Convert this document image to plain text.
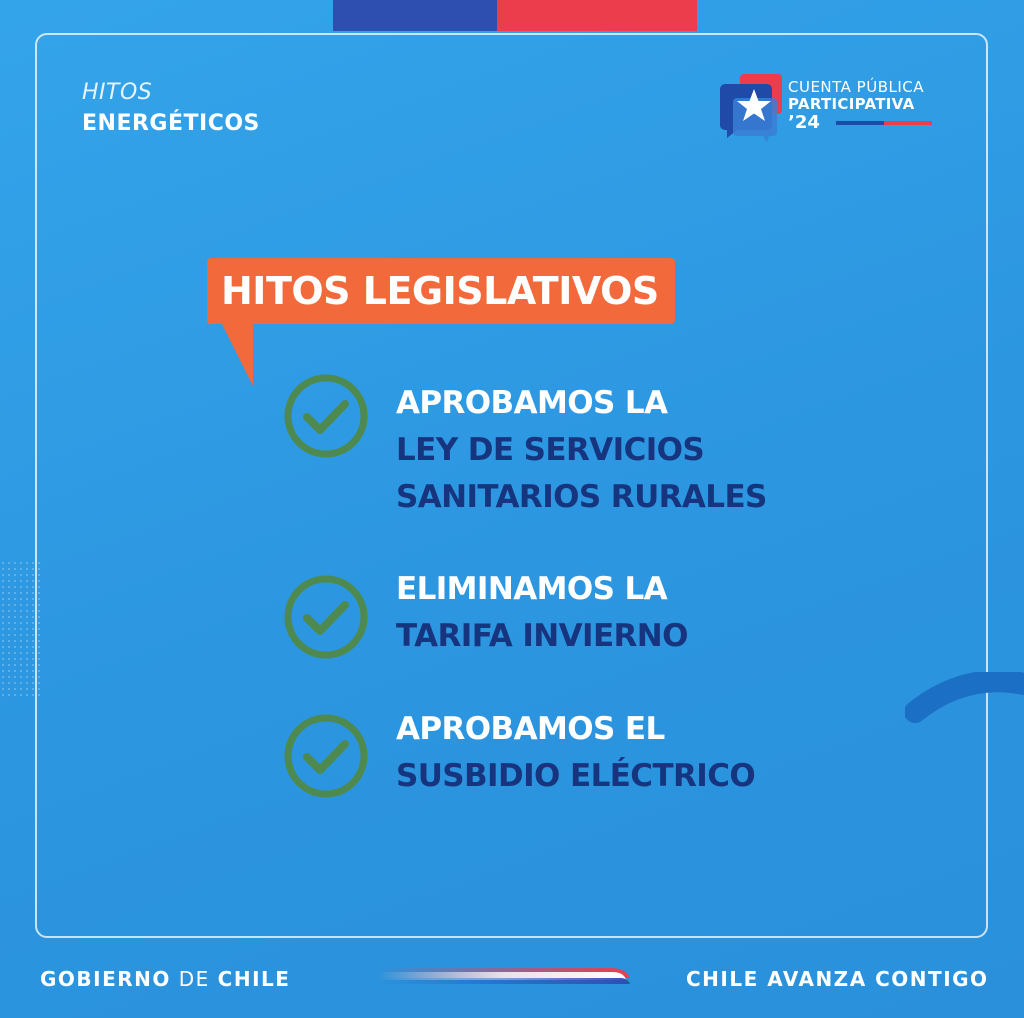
HITOS
ENERGÉTICOS
CUENTA PÚBLICA
PARTICIPATIVA
’24
HITOS LEGISLATIVOS
APROBAMOS LA
LEY DE SERVICIOS
SANITARIOS RURALES
ELIMINAMOS LA
TARIFA INVIERNO
APROBAMOS EL
SUSBIDIO ELÉCTRICO
GOBIERNO DE CHILE	CHILE AVANZA CONTIGO
